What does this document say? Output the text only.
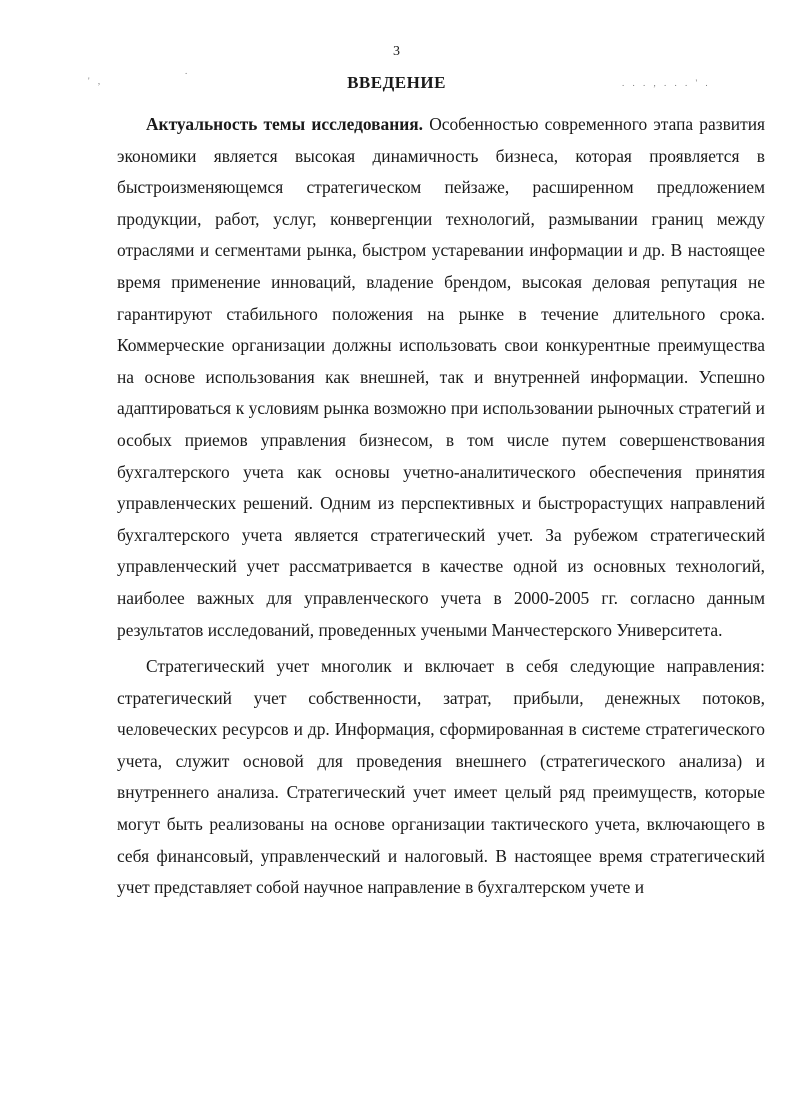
3
' ,
.
. . . , . . . ' .
ВВЕДЕНИЕ

Актуальность темы исследования. Особенностью современного этапа развития экономики является высокая динамичность бизнеса, которая проявляется в быстроизменяющемся стратегическом пейзаже, расширенном предложением продукции, работ, услуг, конвергенции технологий, размывании границ между отраслями и сегментами рынка, быстром устаревании информации и др. В настоящее время применение инноваций, владение брендом, высокая деловая репутация не гарантируют стабильного положения на рынке в течение длительного срока. Коммерческие организации должны использовать свои конкурентные преимущества на основе использования как внешней, так и внутренней информации. Успешно адаптироваться к условиям рынка возможно при использовании рыночных стратегий и особых приемов управления бизнесом, в том числе путем совершенствования бухгалтерского учета как основы учетно-аналитического обеспечения принятия управленческих решений. Одним из перспективных и быстрорастущих направлений бухгалтерского учета является стратегический учет. За рубежом стратегический управленческий учет рассматривается в качестве одной из основных технологий, наиболее важных для управленческого учета в 2000-2005 гг. согласно данным результатов исследований, проведенных учеными Манчестерского Университета.

Стратегический учет многолик и включает в себя следующие направления: стратегический учет собственности, затрат, прибыли, денежных потоков, человеческих ресурсов и др. Информация, сформированная в системе стратегического учета, служит основой для проведения внешнего (стратегического анализа) и внутреннего анализа. Стратегический учет имеет целый ряд преимуществ, которые могут быть реализованы на основе организации тактического учета, включающего в себя финансовый, управленческий и налоговый. В настоящее время стратегический учет представляет собой научное направление в бухгалтерском учете и
